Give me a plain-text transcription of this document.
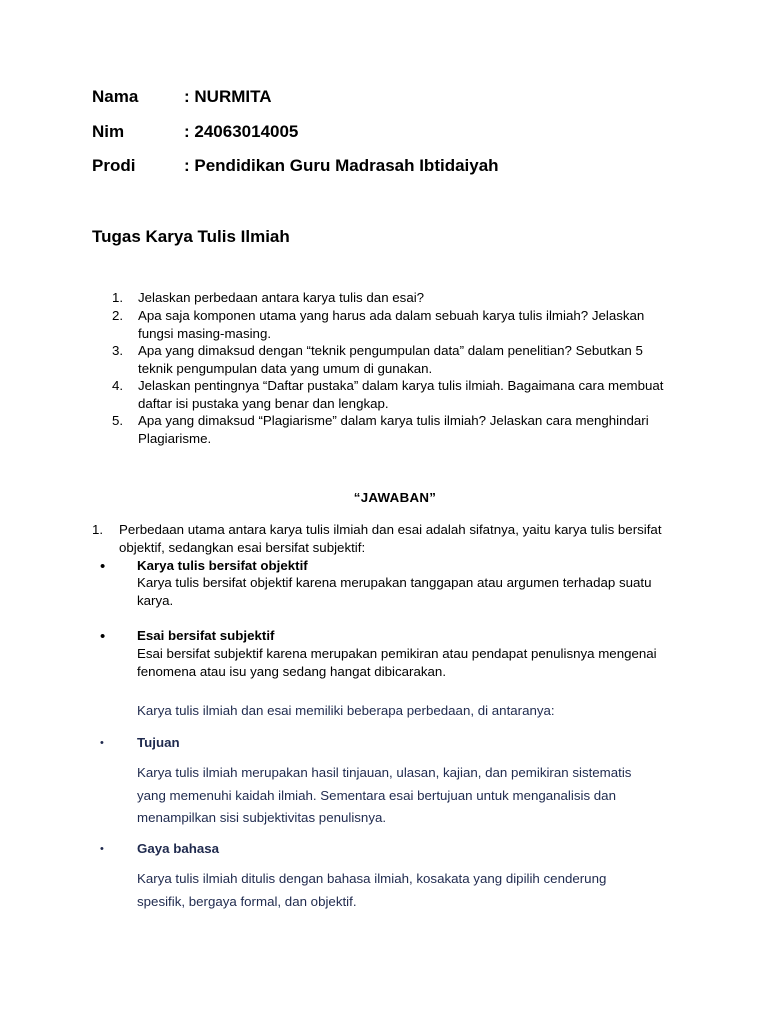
Nama	: NURMITA
Nim	: 24063014005
Prodi	: Pendidikan Guru Madrasah Ibtidaiyah
Tugas Karya Tulis Ilmiah
1. Jelaskan perbedaan antara karya tulis dan esai?
2. Apa saja komponen utama yang harus ada dalam sebuah karya tulis ilmiah? Jelaskan fungsi masing-masing.
3. Apa yang dimaksud dengan “teknik pengumpulan data” dalam penelitian? Sebutkan 5 teknik pengumpulan data yang umum di gunakan.
4. Jelaskan pentingnya “Daftar pustaka” dalam karya tulis ilmiah. Bagaimana cara membuat daftar isi pustaka yang benar dan lengkap.
5. Apa yang dimaksud “Plagiarisme” dalam karya tulis ilmiah? Jelaskan cara menghindari Plagiarisme.
“JAWABAN”
1. Perbedaan utama antara karya tulis ilmiah dan esai adalah sifatnya, yaitu karya tulis bersifat objektif, sedangkan esai bersifat subjektif:
• Karya tulis bersifat objektif
Karya tulis bersifat objektif karena merupakan tanggapan atau argumen terhadap suatu karya.
• Esai bersifat subjektif
Esai bersifat subjektif karena merupakan pemikiran atau pendapat penulisnya mengenai fenomena atau isu yang sedang hangat dibicarakan.
Karya tulis ilmiah dan esai memiliki beberapa perbedaan, di antaranya:
• Tujuan
Karya tulis ilmiah merupakan hasil tinjauan, ulasan, kajian, dan pemikiran sistematis yang memenuhi kaidah ilmiah. Sementara esai bertujuan untuk menganalisis dan menampilkan sisi subjektivitas penulisnya.
• Gaya bahasa
Karya tulis ilmiah ditulis dengan bahasa ilmiah, kosakata yang dipilih cenderung spesifik, bergaya formal, dan objektif.
